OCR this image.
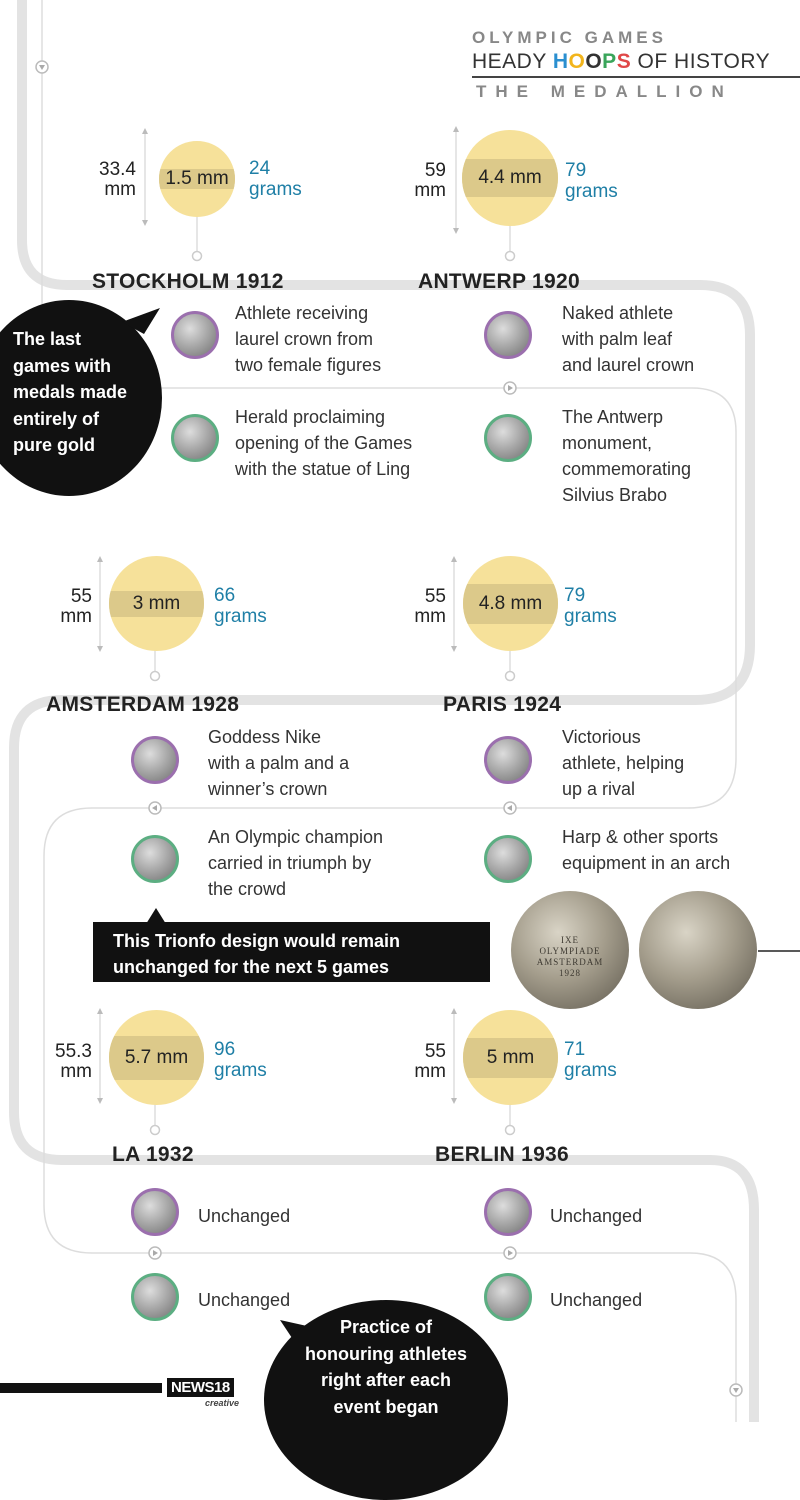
OLYMPIC GAMES
HEADY HOOPS OF HISTORY
THE MEDALLION
33.4
mm
1.5 mm	24
grams
STOCKHOLM 1912
Athlete receiving
laurel crown from
two female figures
Herald proclaiming
opening of the Games
with the statue of Ling
59
mm
4.4 mm	79
grams
ANTWERP 1920
Naked athlete
with palm leaf
and laurel crown
The Antwerp
monument,
commemorating
Silvius Brabo
The last
games with
medals made
entirely of
pure gold
55
mm
3 mm	66
grams
AMSTERDAM 1928
Goddess Nike
with a palm and a
winner’s crown
An Olympic champion
carried in triumph by
the crowd
55
mm
4.8 mm	79
grams
PARIS 1924
Victorious
athlete, helping
up a rival
Harp & other sports
equipment in an arch
This Trionfo design would remain
unchanged for the next 5 games
IXE
OLYMPIADE
AMSTERDAM
1928
55.3
mm
5.7 mm	96
grams
LA 1932
Unchanged
Unchanged
55
mm
5 mm	71
grams
BERLIN 1936
Unchanged
Unchanged
Practice of
honouring athletes
right after each
event began
NEWS18
creative
